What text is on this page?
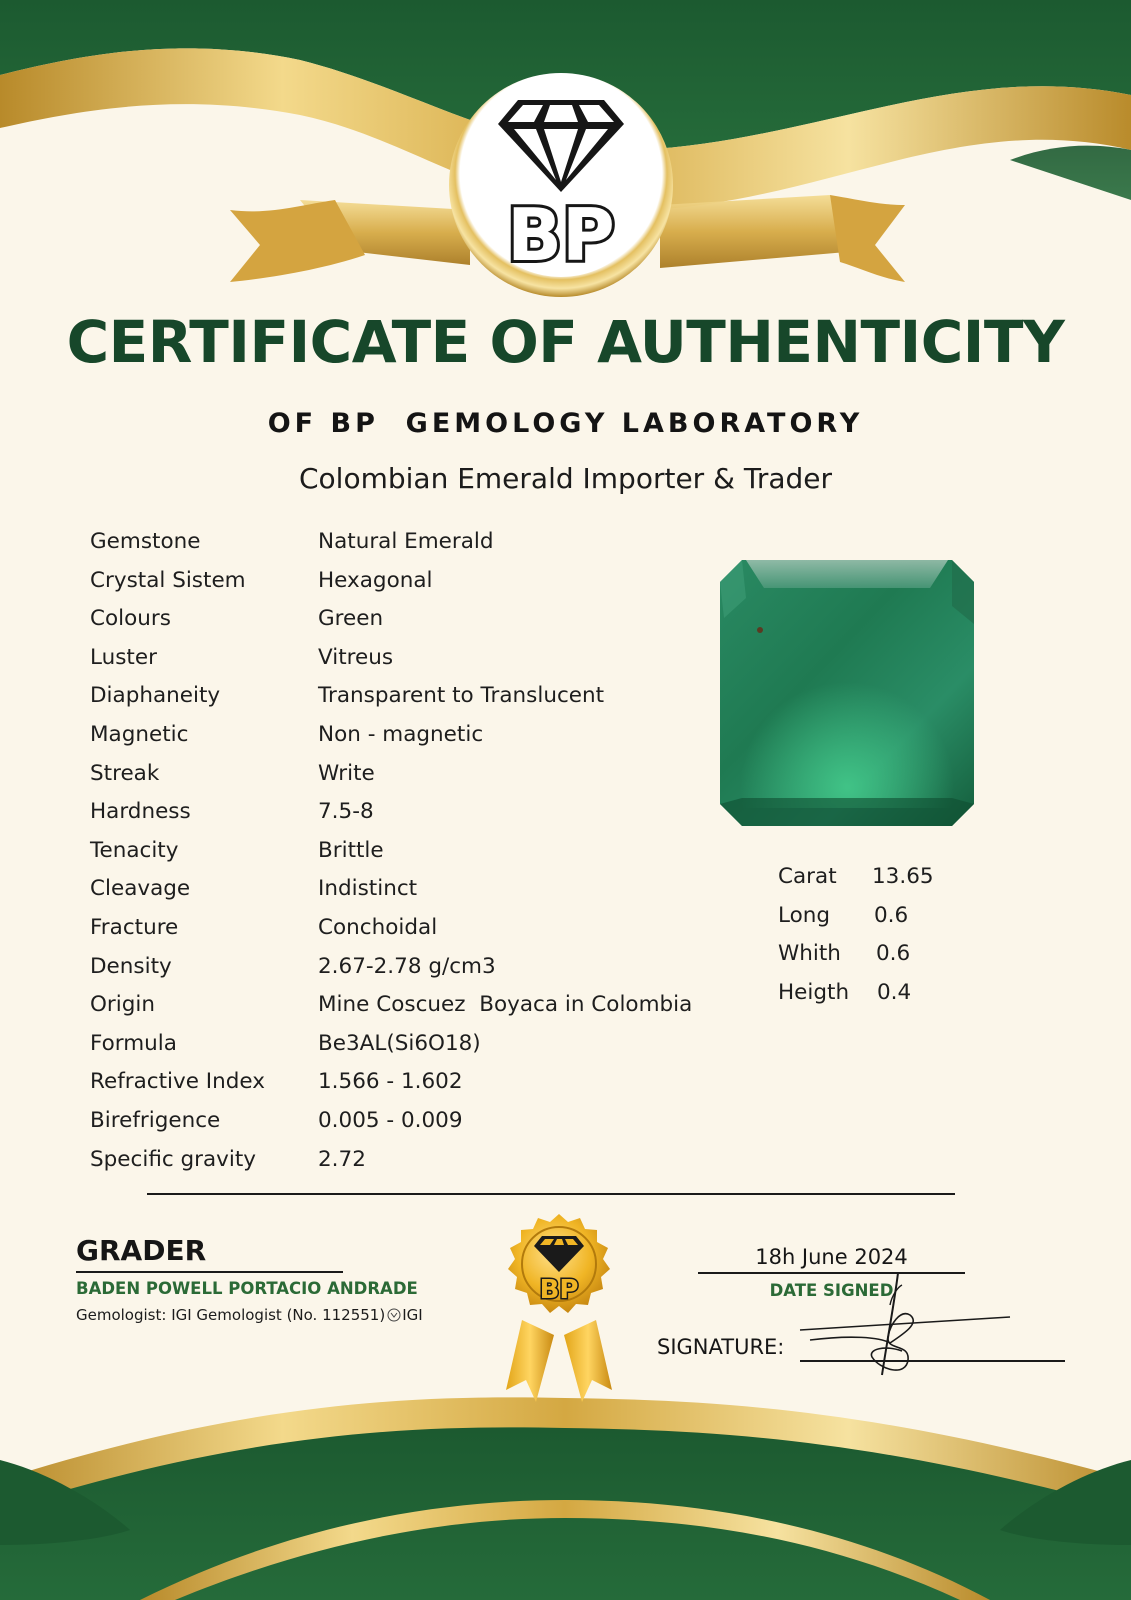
BP
CERTIFICATE OF AUTHENTICITY
OF BP  GEMOLOGY LABORATORY
Colombian Emerald Importer & Trader
Gemstone	Natural Emerald
Crystal Sistem	Hexagonal
Colours	Green
Luster	Vitreus
Diaphaneity	Transparent to Translucent
Magnetic	Non - magnetic
Streak	Write
Hardness	7.5-8
Tenacity	Brittle
Cleavage	Indistinct
Fracture	Conchoidal
Density	2.67-2.78 g/cm3
Origin	Mine Coscuez  Boyaca in Colombia
Formula	Be3AL(Si6O18)
Refractive Index 1.566 - 1.602
Birefrigence	0.005 - 0.009
Specific gravity	2.72
Carat 13.65
Long 0.6
Whith 0.6
Heigth 0.4
GRADER
BADEN POWELL PORTACIO ANDRADE
Gemologist: IGI Gemologist (No. 112551) IGI
BP
18h June 2024
DATE SIGNED
SIGNATURE:
